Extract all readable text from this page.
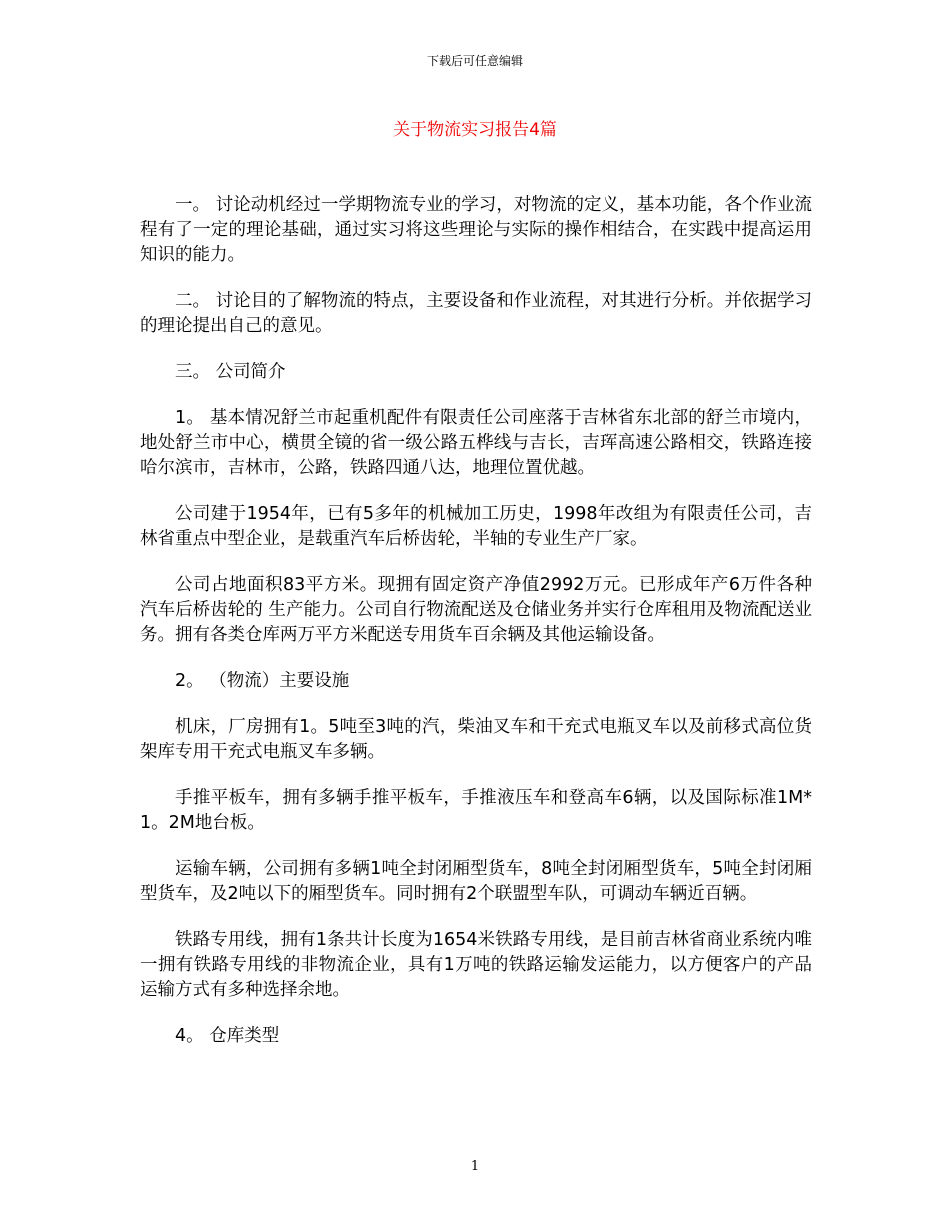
下载后可任意编辑
关于物流实习报告4篇

一。 讨论动机经过一学期物流专业的学习，对物流的定义，基本功能，各个作业流程有了一定的理论基础，通过实习将这些理论与实际的操作相结合，在实践中提高运用知识的能力。

二。 讨论目的了解物流的特点，主要设备和作业流程，对其进行分析。并依据学习的理论提出自己的意见。

三。 公司简介

1。 基本情况舒兰市起重机配件有限责任公司座落于吉林省东北部的舒兰市境内，地处舒兰市中心，横贯全镜的省一级公路五桦线与吉长，吉珲高速公路相交，铁路连接哈尔滨市，吉林市，公路，铁路四通八达，地理位置优越。

公司建于1954年，已有5多年的机械加工历史，1998年改组为有限责任公司，吉林省重点中型企业，是载重汽车后桥齿轮，半轴的专业生产厂家。

公司占地面积83平方米。现拥有固定资产净值2992万元。已形成年产6万件各种汽车后桥齿轮的 生产能力。公司自行物流配送及仓储业务并实行仓库租用及物流配送业务。拥有各类仓库两万平方米配送专用货车百余辆及其他运输设备。

2。 （物流）主要设施

机床，厂房拥有1。5吨至3吨的汽，柴油叉车和干充式电瓶叉车以及前移式高位货架库专用干充式电瓶叉车多辆。

手推平板车，拥有多辆手推平板车，手推液压车和登高车6辆，以及国际标准1M*1。2M地台板。

运输车辆，公司拥有多辆1吨全封闭厢型货车，8吨全封闭厢型货车，5吨全封闭厢型货车，及2吨以下的厢型货车。同时拥有2个联盟型车队，可调动车辆近百辆。

铁路专用线，拥有1条共计长度为1654米铁路专用线，是目前吉林省商业系统内唯一拥有铁路专用线的非物流企业，具有1万吨的铁路运输发运能力，以方便客户的产品运输方式有多种选择余地。

4。 仓库类型

1
